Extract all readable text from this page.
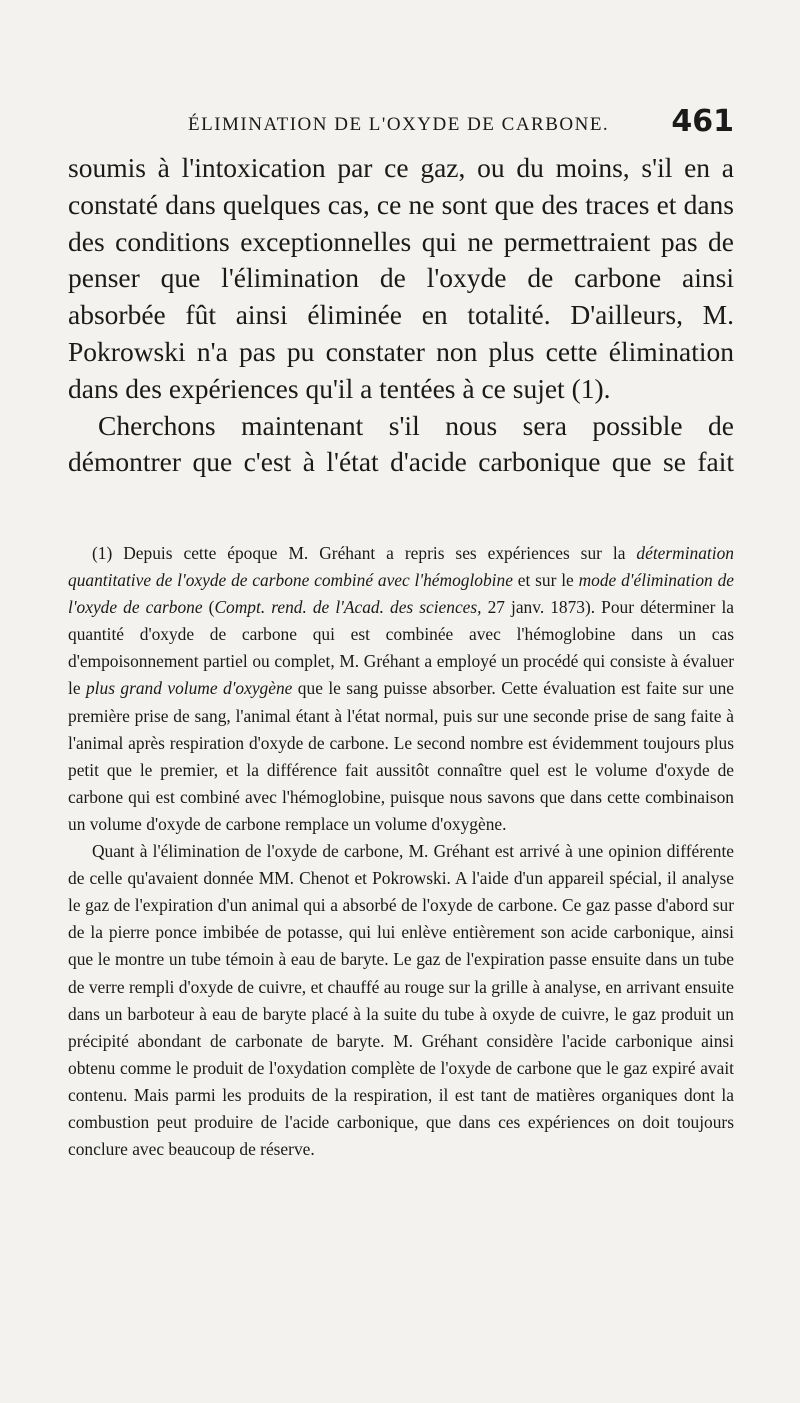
ÉLIMINATION DE L'OXYDE DE CARBONE. 461

soumis à l'intoxication par ce gaz, ou du moins, s'il en a constaté dans quelques cas, ce ne sont que des traces et dans des conditions exceptionnelles qui ne permettraient pas de penser que l'élimination de l'oxyde de carbone ainsi absorbée fût ainsi éliminée en totalité. D'ailleurs, M. Pokrowski n'a pas pu constater non plus cette élimination dans des expériences qu'il a tentées à ce sujet (1).

Cherchons maintenant s'il nous sera possible de démontrer que c'est à l'état d'acide carbonique que se fait

(1) Depuis cette époque M. Gréhant a repris ses expériences sur la détermination quantitative de l'oxyde de carbone combiné avec l'hémoglobine et sur le mode d'élimination de l'oxyde de carbone (Compt. rend. de l'Acad. des sciences, 27 janv. 1873). Pour déterminer la quantité d'oxyde de carbone qui est combinée avec l'hémoglobine dans un cas d'empoisonnement partiel ou complet, M. Gréhant a employé un procédé qui consiste à évaluer le plus grand volume d'oxygène que le sang puisse absorber. Cette évaluation est faite sur une première prise de sang, l'animal étant à l'état normal, puis sur une seconde prise de sang faite à l'animal après respiration d'oxyde de carbone. Le second nombre est évidemment toujours plus petit que le premier, et la différence fait aussitôt connaître quel est le volume d'oxyde de carbone qui est combiné avec l'hémoglobine, puisque nous savons que dans cette combinaison un volume d'oxyde de carbone remplace un volume d'oxygène.

Quant à l'élimination de l'oxyde de carbone, M. Gréhant est arrivé à une opinion différente de celle qu'avaient donnée MM. Chenot et Pokrowski. A l'aide d'un appareil spécial, il analyse le gaz de l'expiration d'un animal qui a absorbé de l'oxyde de carbone. Ce gaz passe d'abord sur de la pierre ponce imbibée de potasse, qui lui enlève entièrement son acide carbonique, ainsi que le montre un tube témoin à eau de baryte. Le gaz de l'expiration passe ensuite dans un tube de verre rempli d'oxyde de cuivre, et chauffé au rouge sur la grille à analyse, en arrivant ensuite dans un barboteur à eau de baryte placé à la suite du tube à oxyde de cuivre, le gaz produit un précipité abondant de carbonate de baryte. M. Gréhant considère l'acide carbonique ainsi obtenu comme le produit de l'oxydation complète de l'oxyde de carbone que le gaz expiré avait contenu. Mais parmi les produits de la respiration, il est tant de matières organiques dont la combustion peut produire de l'acide carbonique, que dans ces expériences on doit toujours conclure avec beaucoup de réserve.
